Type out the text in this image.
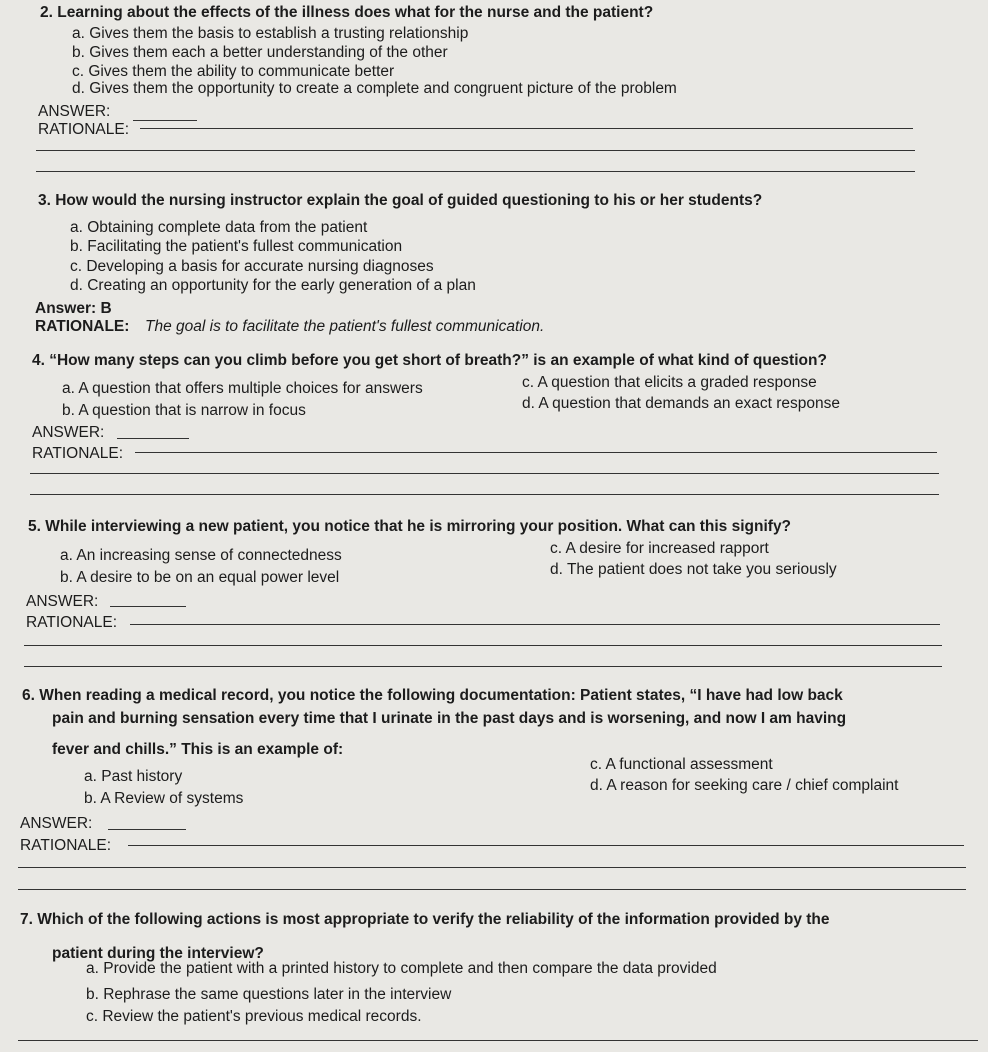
2. Learning about the effects of the illness does what for the nurse and the patient?
a. Gives them the basis to establish a trusting relationship
b. Gives them each a better understanding of the other
c. Gives them the ability to communicate better
d. Gives them the opportunity to create a complete and congruent picture of the problem
ANSWER:
RATIONALE:
3. How would the nursing instructor explain the goal of guided questioning to his or her students?
a. Obtaining complete data from the patient
b. Facilitating the patient's fullest communication
c. Developing a basis for accurate nursing diagnoses
d. Creating an opportunity for the early generation of a plan
Answer: B
RATIONALE: The goal is to facilitate the patient's fullest communication.
4. “How many steps can you climb before you get short of breath?” is an example of what kind of question?
a. A question that offers multiple choices for answers
b. A question that is narrow in focus
c. A question that elicits a graded response
d. A question that demands an exact response
ANSWER:
RATIONALE:
5. While interviewing a new patient, you notice that he is mirroring your position. What can this signify?
a. An increasing sense of connectedness
b. A desire to be on an equal power level
c. A desire for increased rapport
d. The patient does not take you seriously
ANSWER:
RATIONALE:
6. When reading a medical record, you notice the following documentation: Patient states, “I have had low back
pain and burning sensation every time that I urinate in the past days and is worsening, and now I am having
fever and chills.” This is an example of:
a. Past history
b. A Review of systems
c. A functional assessment
d. A reason for seeking care / chief complaint
ANSWER:
RATIONALE:
7. Which of the following actions is most appropriate to verify the reliability of the information provided by the
patient during the interview?
a. Provide the patient with a printed history to complete and then compare the data provided
b. Rephrase the same questions later in the interview
c. Review the patient's previous medical records.
